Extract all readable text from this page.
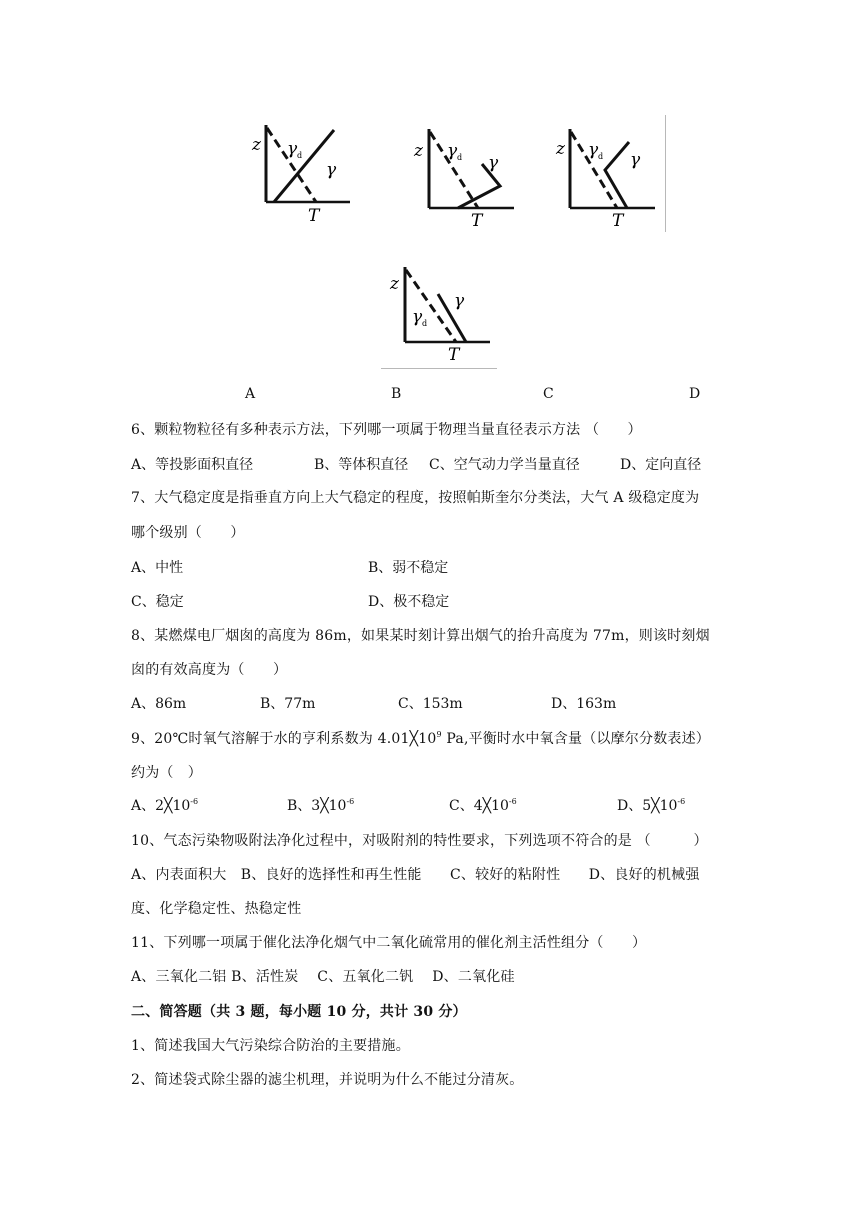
z γ d
γ
T
z γ d γ
T
z γ d γ
T
z
γ d
γ
T
A	B	C	D
6、颗粒物粒径有多种表示方法，下列哪一项属于物理当量直径表示方法 （　　）
A、等投影面积直径	B、等体积直径 C、空气动力学当量直径	D、定向直径
7、大气稳定度是指垂直方向上大气稳定的程度，按照帕斯奎尔分类法，大气 A 级稳定度为
哪个级别（　　）
A、中性	B、弱不稳定
C、稳定	D、极不稳定
8、某燃煤电厂烟囱的高度为 86m，如果某时刻计算出烟气的抬升高度为 77m，则该时刻烟
囱的有效高度为（　　）
A、86m	B、77m	C、153m	D、163m
9、20℃时氧气溶解于水的亨利系数为 $4.01╳10^9$ Pa,平衡时水中氧含量（以摩尔分数表述）
约为（　）
A、$2╳10^{-6}$	B、$3╳10^{-6}$	C、$4╳10^{-6}$	D、$5╳10^{-6}$
10、气态污染物吸附法净化过程中，对吸附剂的特性要求，下列选项不符合的是 （　　　）
A、内表面积大　B、良好的选择性和再生性能　　C、较好的粘附性　　D、良好的机械强
度、化学稳定性、热稳定性
11、下列哪一项属于催化法净化烟气中二氧化硫常用的催化剂主活性组分（　　）
A、三氧化二铝 B、活性炭　 C、五氧化二钒　 D、二氧化硅
二、简答题（共 3 题，每小题 10 分，共计 30 分）
1、简述我国大气污染综合防治的主要措施。
2、简述袋式除尘器的滤尘机理，并说明为什么不能过分清灰。
